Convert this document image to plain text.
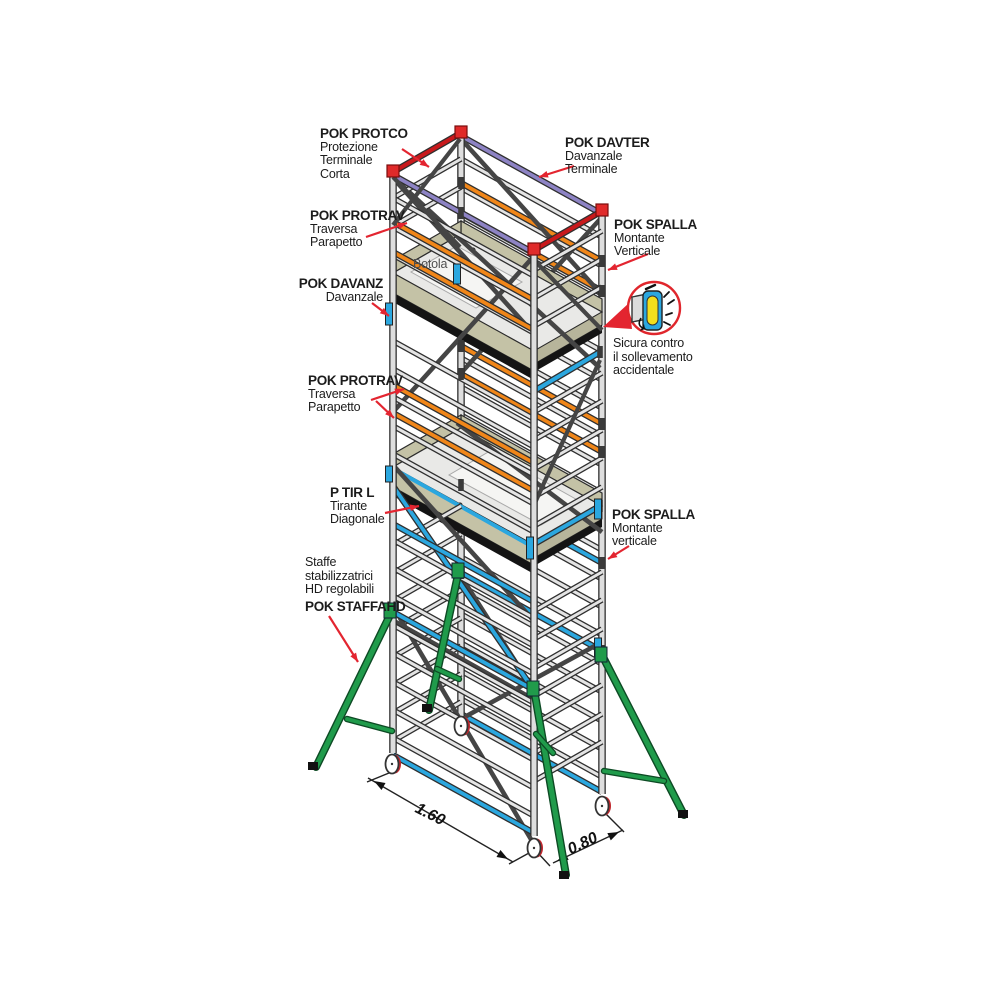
POK PROTCO
Protezione
Terminale
Corta
POK DAVTER
Davanzale
Terminale
POK PROTRAV
Traversa
Parapetto
POK SPALLA
Montante
Verticale
POK DAVANZ
Davanzale
Botola
Sicura contro
il sollevamento
accidentale
POK PROTRAV
Traversa
Parapetto
P TIR L
Tirante
Diagonale	POK SPALLA
Montante
verticale
Staffe
stabilizzatrici
HD regolabili
POK STAFFAHD
1.60
0.80
